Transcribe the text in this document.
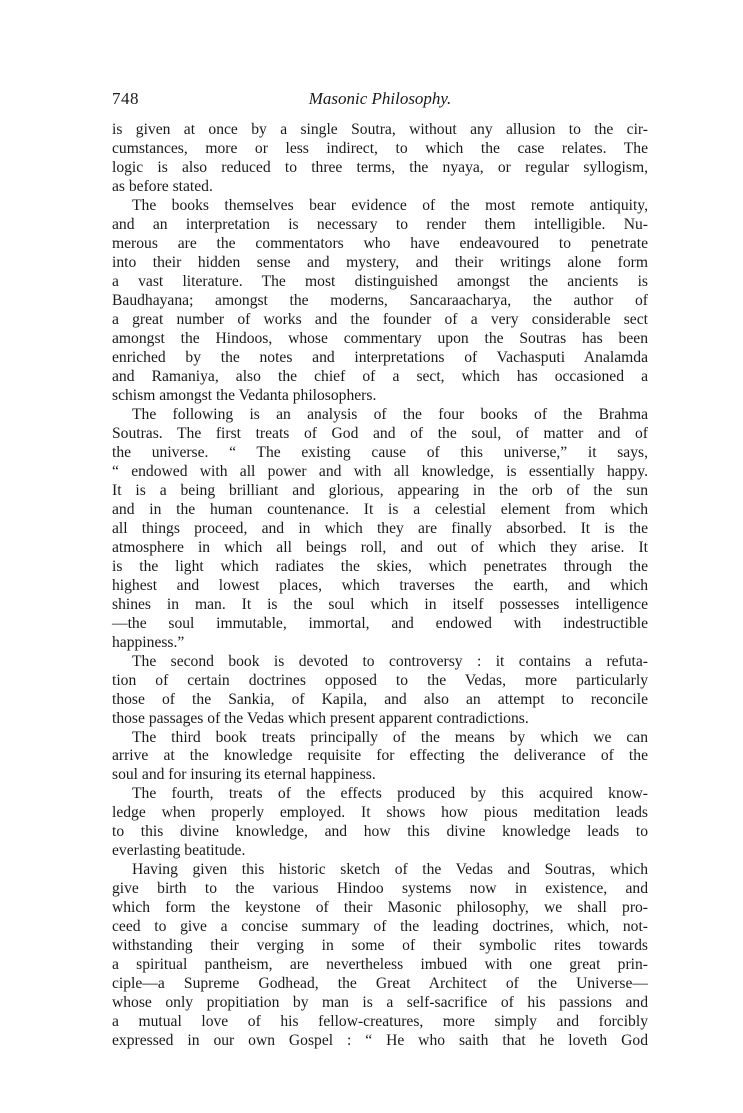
748	Masonic Philosophy.

is given at once by a single Soutra, without any allusion to the cir-
cumstances, more or less indirect, to which the case relates. The
logic is also reduced to three terms, the nyaya, or regular syllogism,
as before stated.

The books themselves bear evidence of the most remote antiquity,
and an interpretation is necessary to render them intelligible. Nu-
merous are the commentators who have endeavoured to penetrate
into their hidden sense and mystery, and their writings alone form
a vast literature. The most distinguished amongst the ancients is
Baudhayana; amongst the moderns, Sancaraacharya, the author of
a great number of works and the founder of a very considerable sect
amongst the Hindoos, whose commentary upon the Soutras has been
enriched by the notes and interpretations of Vachasputi Analamda
and Ramaniya, also the chief of a sect, which has occasioned a
schism amongst the Vedanta philosophers.

The following is an analysis of the four books of the Brahma
Soutras. The first treats of God and of the soul, of matter and of
the universe. “ The existing cause of this universe,” it says,
“ endowed with all power and with all knowledge, is essentially happy.
It is a being brilliant and glorious, appearing in the orb of the sun
and in the human countenance. It is a celestial element from which
all things proceed, and in which they are finally absorbed. It is the
atmosphere in which all beings roll, and out of which they arise. It
is the light which radiates the skies, which penetrates through the
highest and lowest places, which traverses the earth, and which
shines in man. It is the soul which in itself possesses intelligence
—the soul immutable, immortal, and endowed with indestructible
happiness.”

The second book is devoted to controversy : it contains a refuta-
tion of certain doctrines opposed to the Vedas, more particularly
those of the Sankia, of Kapila, and also an attempt to reconcile
those passages of the Vedas which present apparent contradictions.

The third book treats principally of the means by which we can
arrive at the knowledge requisite for effecting the deliverance of the
soul and for insuring its eternal happiness.

The fourth, treats of the effects produced by this acquired know-
ledge when properly employed. It shows how pious meditation leads
to this divine knowledge, and how this divine knowledge leads to
everlasting beatitude.

Having given this historic sketch of the Vedas and Soutras, which
give birth to the various Hindoo systems now in existence, and
which form the keystone of their Masonic philosophy, we shall pro-
ceed to give a concise summary of the leading doctrines, which, not-
withstanding their verging in some of their symbolic rites towards
a spiritual pantheism, are nevertheless imbued with one great prin-
ciple—a Supreme Godhead, the Great Architect of the Universe—
whose only propitiation by man is a self-sacrifice of his passions and
a mutual love of his fellow-creatures, more simply and forcibly
expressed in our own Gospel : “ He who saith that he loveth God
